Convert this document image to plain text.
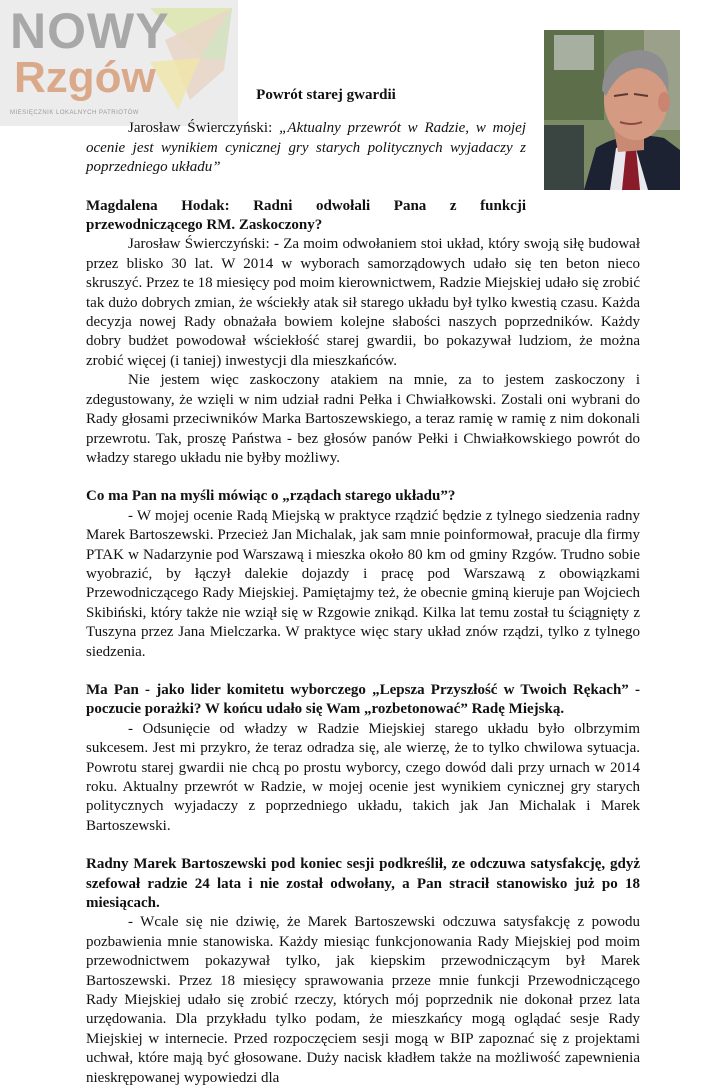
NOWY
Rzgów
MIESIĘCZNIK LOKALNYCH PATRIOTÓW

Powrót starej gwardii

Jarosław Świerczyński: „Aktualny przewrót w Radzie, w mojej ocenie jest wynikiem cynicznej gry starych politycznych wyjadaczy z poprzedniego układu”

Magdalena Hodak: Radni odwołali Pana z funkcji przewodniczącego RM. Zaskoczony?

Jarosław Świerczyński: - Za moim odwołaniem stoi układ, który swoją siłę budował przez blisko 30 lat. W 2014 w wyborach samorządowych udało się ten beton nieco skruszyć. Przez te 18 miesięcy pod moim kierownictwem, Radzie Miejskiej udało się zrobić tak dużo dobrych zmian, że wściekły atak sił starego układu był tylko kwestią czasu. Każda decyzja nowej Rady obnażała bowiem kolejne słabości naszych poprzedników. Każdy dobry budżet powodował wściekłość starej gwardii, bo pokazywał ludziom, że można zrobić więcej (i taniej) inwestycji dla mieszkańców.

Nie jestem więc zaskoczony atakiem na mnie, za to jestem zaskoczony i zdegustowany, że wzięli w nim udział radni Pełka i Chwiałkowski. Zostali oni wybrani do Rady głosami przeciwników Marka Bartoszewskiego, a teraz ramię w ramię z nim dokonali przewrotu. Tak, proszę Państwa - bez głosów panów Pełki i Chwiałkowskiego powrót do władzy starego układu nie byłby możliwy.

Co ma Pan na myśli mówiąc o „rządach starego układu”?

- W mojej ocenie Radą Miejską w praktyce rządzić będzie z tylnego siedzenia radny Marek Bartoszewski. Przecież Jan Michalak, jak sam mnie poinformował, pracuje dla firmy PTAK w Nadarzynie pod Warszawą i mieszka około 80 km od gminy Rzgów. Trudno sobie wyobrazić, by łączył dalekie dojazdy i pracę pod Warszawą z obowiązkami Przewodniczącego Rady Miejskiej. Pamiętajmy też, że obecnie gminą kieruje pan Wojciech Skibiński, który także nie wziął się w Rzgowie znikąd. Kilka lat temu został tu ściągnięty z Tuszyna przez Jana Mielczarka. W praktyce więc stary układ znów rządzi, tylko z tylnego siedzenia.

Ma Pan - jako lider komitetu wyborczego „Lepsza Przyszłość w Twoich Rękach” - poczucie porażki? W końcu udało się Wam „rozbetonować” Radę Miejską.

- Odsunięcie od władzy w Radzie Miejskiej starego układu było olbrzymim sukcesem. Jest mi przykro, że teraz odradza się, ale wierzę, że to tylko chwilowa sytuacja. Powrotu starej gwardii nie chcą po prostu wyborcy, czego dowód dali przy urnach w 2014 roku. Aktualny przewrót w Radzie, w mojej ocenie jest wynikiem cynicznej gry starych politycznych wyjadaczy z poprzedniego układu, takich jak Jan Michalak i Marek Bartoszewski.

Radny Marek Bartoszewski pod koniec sesji podkreślił, ze odczuwa satysfakcję, gdyż szefował radzie 24 lata i nie został odwołany, a Pan stracił stanowisko już po 18 miesiącach.

- Wcale się nie dziwię, że Marek Bartoszewski odczuwa satysfakcję z powodu pozbawienia mnie stanowiska. Każdy miesiąc funkcjonowania Rady Miejskiej pod moim przewodnictwem pokazywał tylko, jak kiepskim przewodniczącym był Marek Bartoszewski. Przez 18 miesięcy sprawowania przeze mnie funkcji Przewodniczącego Rady Miejskiej udało się zrobić rzeczy, których mój poprzednik nie dokonał przez lata urzędowania. Dla przykładu tylko podam, że mieszkańcy mogą oglądać sesje Rady Miejskiej w internecie. Przed rozpoczęciem sesji mogą w BIP zapoznać się z projektami uchwał, które mają być głosowane. Duży nacisk kładłem także na możliwość zapewnienia nieskrępowanej wypowiedzi dla
